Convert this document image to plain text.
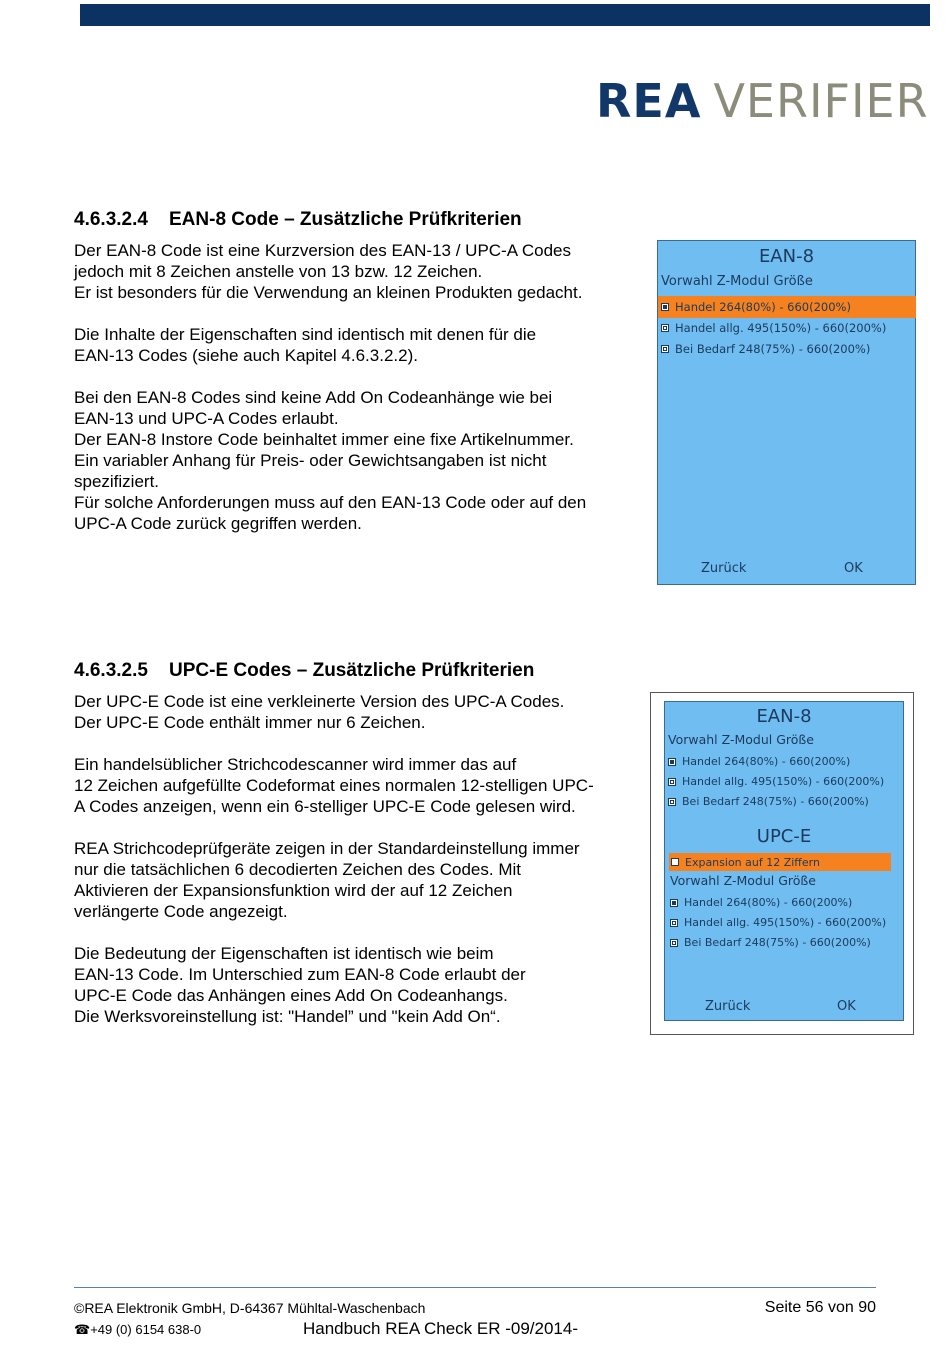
REA VERIFIER
4.6.3.2.4 EAN-8 Code – Zusätzliche Prüfkriterien

Der EAN-8 Code ist eine Kurzversion des EAN-13 / UPC-A Codes
jedoch mit 8 Zeichen anstelle von 13 bzw. 12 Zeichen.
Er ist besonders für die Verwendung an kleinen Produkten gedacht.

Die Inhalte der Eigenschaften sind identisch mit denen für die
EAN-13 Codes (siehe auch Kapitel 4.6.3.2.2).

Bei den EAN-8 Codes sind keine Add On Codeanhänge wie bei
EAN-13 und UPC-A Codes erlaubt.
Der EAN-8 Instore Code beinhaltet immer eine fixe Artikelnummer.
Ein variabler Anhang für Preis- oder Gewichtsangaben ist nicht
spezifiziert.
Für solche Anforderungen muss auf den EAN-13 Code oder auf den
UPC-A Code zurück gegriffen werden.

EAN-8
Vorwahl Z-Modul Größe
Handel 264(80%) - 660(200%)
Handel allg. 495(150%) - 660(200%)
Bei Bedarf 248(75%) - 660(200%)
Zurück	OK
4.6.3.2.5 UPC-E Codes – Zusätzliche Prüfkriterien

Der UPC-E Code ist eine verkleinerte Version des UPC-A Codes.
Der UPC-E Code enthält immer nur 6 Zeichen.

Ein handelsüblicher Strichcodescanner wird immer das auf
12 Zeichen aufgefüllte Codeformat eines normalen 12-stelligen UPC-
A Codes anzeigen, wenn ein 6-stelliger UPC-E Code gelesen wird.

REA Strichcodeprüfgeräte zeigen in der Standardeinstellung immer
nur die tatsächlichen 6 decodierten Zeichen des Codes. Mit
Aktivieren der Expansionsfunktion wird der auf 12 Zeichen
verlängerte Code angezeigt.

Die Bedeutung der Eigenschaften ist identisch wie beim
EAN-13 Code. Im Unterschied zum EAN-8 Code erlaubt der
UPC-E Code das Anhängen eines Add On Codeanhangs.
Die Werksvoreinstellung ist: "Handel” und "kein Add On“.

EAN-8
Vorwahl Z-Modul Größe
Handel 264(80%) - 660(200%)
Handel allg. 495(150%) - 660(200%)
Bei Bedarf 248(75%) - 660(200%)
UPC-E
Expansion auf 12 Ziffern
Vorwahl Z-Modul Größe
Handel 264(80%) - 660(200%)
Handel allg. 495(150%) - 660(200%)
Bei Bedarf 248(75%) - 660(200%)
Zurück	OK
©REA Elektronik GmbH, D-64367 Mühltal-Waschenbach	Seite 56 von 90
☎+49 (0) 6154 638-0	Handbuch REA Check ER -09/2014-
